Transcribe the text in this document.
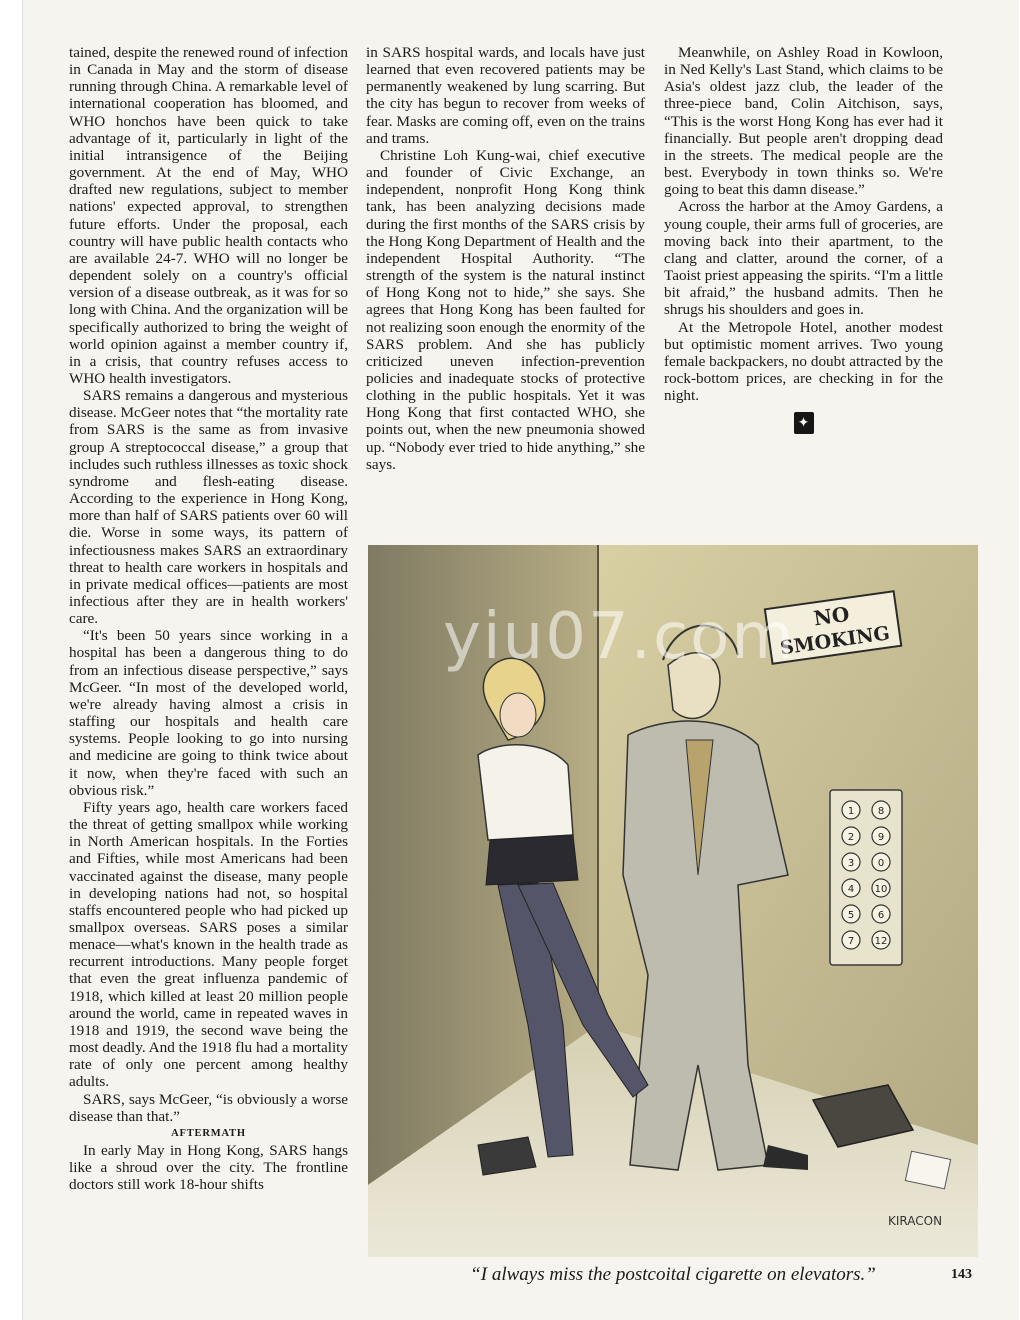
tained, despite the renewed round of infection in Canada in May and the storm of disease running through China. A remarkable level of international cooperation has bloomed, and WHO honchos have been quick to take advantage of it, particularly in light of the initial intransigence of the Beijing government. At the end of May, WHO drafted new regulations, subject to member nations' expected approval, to strengthen future efforts. Under the proposal, each country will have public health contacts who are available 24-7. WHO will no longer be dependent solely on a country's official version of a disease outbreak, as it was for so long with China. And the organization will be specifically authorized to bring the weight of world opinion against a member country if, in a crisis, that country refuses access to WHO health investigators.

SARS remains a dangerous and mysterious disease. McGeer notes that “the mortality rate from SARS is the same as from invasive group A streptococcal disease,” a group that includes such ruthless illnesses as toxic shock syndrome and flesh-eating disease. According to the experience in Hong Kong, more than half of SARS patients over 60 will die. Worse in some ways, its pattern of infectiousness makes SARS an extraordinary threat to health care workers in hospitals and in private medical offices—patients are most infectious after they are in health workers' care.

“It's been 50 years since working in a hospital has been a dangerous thing to do from an infectious disease perspective,” says McGeer. “In most of the developed world, we're already having almost a crisis in staffing our hospitals and health care systems. People looking to go into nursing and medicine are going to think twice about it now, when they're faced with such an obvious risk.”

Fifty years ago, health care workers faced the threat of getting smallpox while working in North American hospitals. In the Forties and Fifties, while most Americans had been vaccinated against the disease, many people in developing nations had not, so hospital staffs encountered people who had picked up smallpox overseas. SARS poses a similar menace—what's known in the health trade as recurrent introductions. Many people forget that even the great influenza pandemic of 1918, which killed at least 20 million people around the world, came in repeated waves in 1918 and 1919, the second wave being the most deadly. And the 1918 flu had a mortality rate of only one percent among healthy adults.

SARS, says McGeer, “is obviously a worse disease than that.”

AFTERMATH

In early May in Hong Kong, SARS hangs like a shroud over the city. The frontline doctors still work 18-hour shifts

in SARS hospital wards, and locals have just learned that even recovered patients may be permanently weakened by lung scarring. But the city has begun to recover from weeks of fear. Masks are coming off, even on the trains and trams.

Christine Loh Kung-wai, chief executive and founder of Civic Exchange, an independent, nonprofit Hong Kong think tank, has been analyzing decisions made during the first months of the SARS crisis by the Hong Kong Department of Health and the independent Hospital Authority. “The strength of the system is the natural instinct of Hong Kong not to hide,” she says. She agrees that Hong Kong has been faulted for not realizing soon enough the enormity of the SARS problem. And she has publicly criticized uneven infection-prevention policies and inadequate stocks of protective clothing in the public hospitals. Yet it was Hong Kong that first contacted WHO, she points out, when the new pneumonia showed up. “Nobody ever tried to hide anything,” she says.

Meanwhile, on Ashley Road in Kowloon, in Ned Kelly's Last Stand, which claims to be Asia's oldest jazz club, the leader of the three-piece band, Colin Aitchison, says, “This is the worst Hong Kong has ever had it financially. But people aren't dropping dead in the streets. The medical people are the best. Everybody in town thinks so. We're going to beat this damn disease.”

Across the harbor at the Amoy Gardens, a young couple, their arms full of groceries, are moving back into their apartment, to the clang and clatter, around the corner, of a Taoist priest appeasing the spirits. “I'm a little bit afraid,” the husband admits. Then he shrugs his shoulders and goes in.

At the Metropole Hotel, another modest but optimistic moment arrives. Two young female backpackers, no doubt attracted by the rock-bottom prices, are checking in for the night.

✦
NO
SMOKING
1 8
2 9
3 0
4 10
5 6
7 12
KIRACON
yiu07.com
“I always miss the postcoital cigarette on elevators.”	143
